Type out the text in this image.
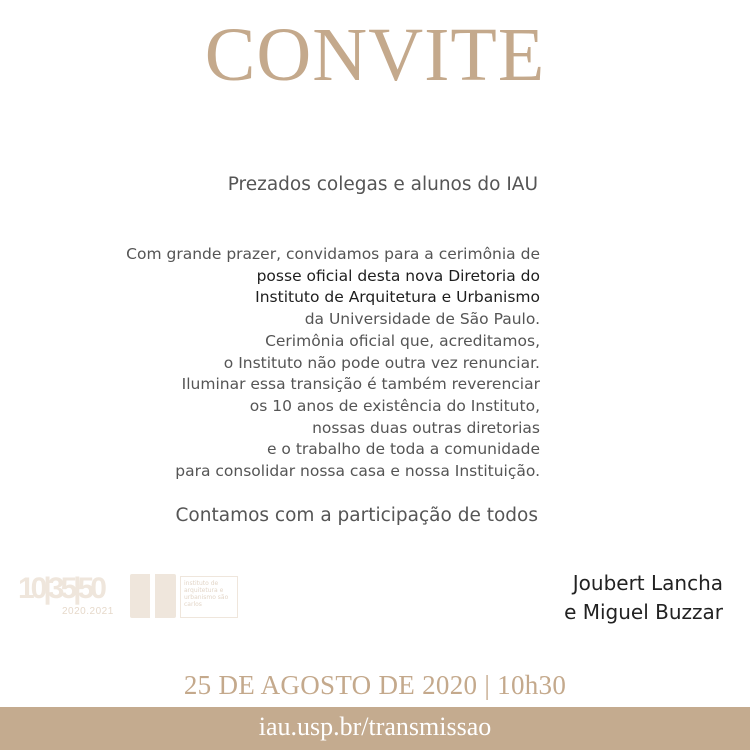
CONVITE
Prezados colegas e alunos do IAU
Com grande prazer, convidamos para a cerimônia de
posse oficial desta nova Diretoria do
Instituto de Arquitetura e Urbanismo
da Universidade de São Paulo.
Cerimônia oficial que, acreditamos,
o Instituto não pode outra vez renunciar.
Iluminar essa transição é também reverenciar
os 10 anos de existência do Instituto,
nossas duas outras diretorias
e o trabalho de toda a comunidade
para consolidar nossa casa e nossa Instituição.
Contamos com a participação de todos
10|35|50	instituto de arquitetura e urbanismo são carlos
2020.2021
Joubert Lancha
e Miguel Buzzar
25 DE AGOSTO DE 2020 | 10h30
iau.usp.br/transmissao
